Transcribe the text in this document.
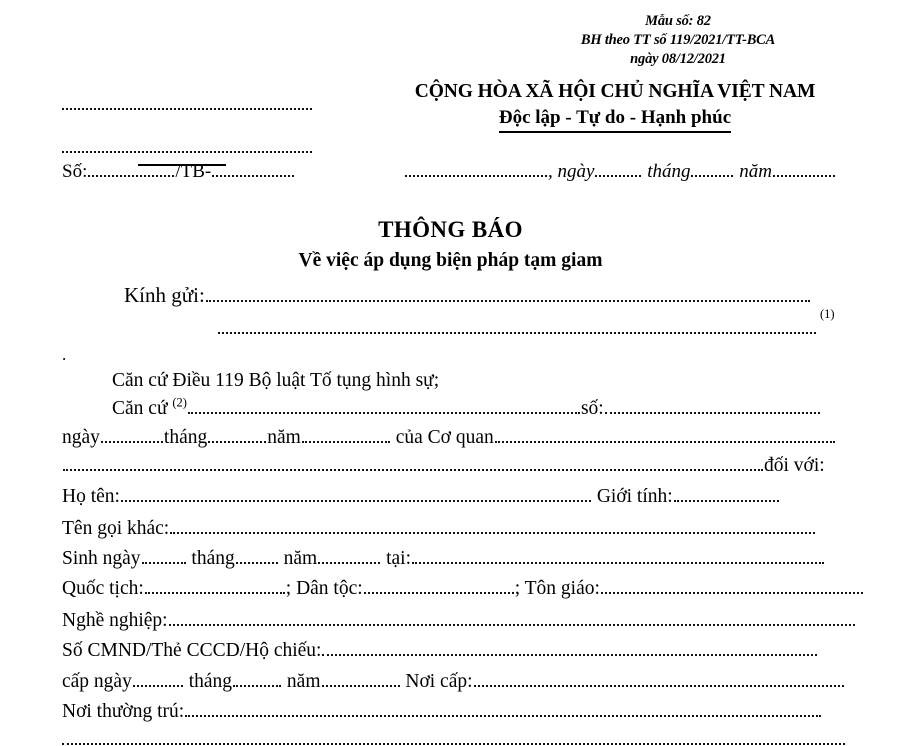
Mẫu số: 82
BH theo TT số 119/2021/TT-BCA
ngày 08/12/2021
CỘNG HÒA XÃ HỘI CHỦ NGHĨA VIỆT NAM
Độc lập - Tự do - Hạnh phúc
Số:	/TB-	, ngày	tháng	năm
THÔNG BÁO
Về việc áp dụng biện pháp tạm giam
Kính gửi:
(1)
.
Căn cứ Điều 119 Bộ luật Tố tụng hình sự;
Căn cứ $^{(2)}$	số:
ngày	tháng	năm	của Cơ quan
đối với:
Họ tên:	Giới tính:
Tên gọi khác:
Sinh ngày	tháng	năm	tại:
Quốc tịch:	; Dân tộc:	; Tôn giáo:
Nghề nghiệp:
Số CMND/Thẻ CCCD/Hộ chiếu:
cấp ngày	tháng	năm	Nơi cấp:
Nơi thường trú:
